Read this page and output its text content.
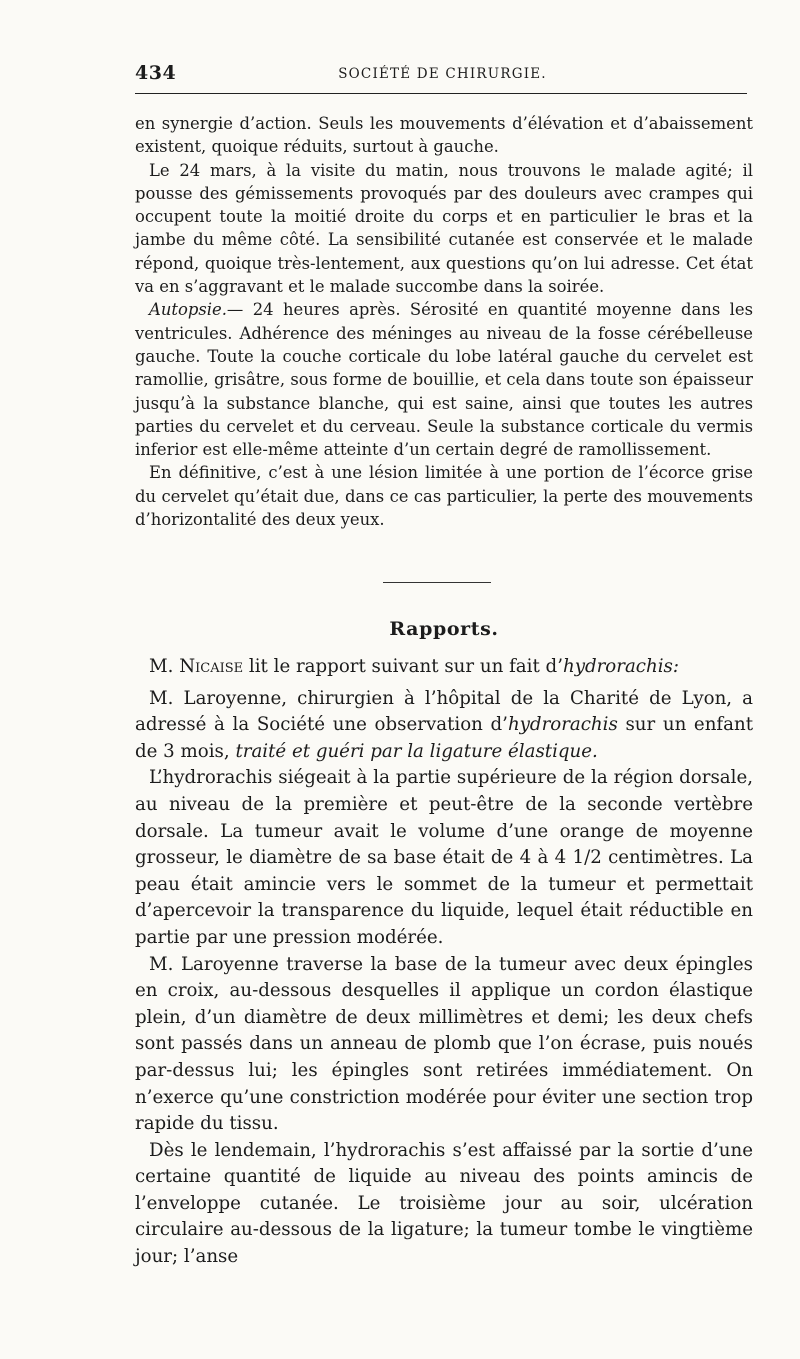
434	SOCIÉTÉ DE CHIRURGIE.

en synergie d’action. Seuls les mouvements d’élévation et d’abaissement existent, quoique réduits, surtout à gauche.

Le 24 mars, à la visite du matin, nous trouvons le malade agité; il pousse des gémissements provoqués par des douleurs avec crampes qui occupent toute la moitié droite du corps et en particulier le bras et la jambe du même côté. La sensibilité cutanée est conservée et le malade répond, quoique très-lentement, aux questions qu’on lui adresse. Cet état va en s’aggravant et le malade succombe dans la soirée.

Autopsie.— 24 heures après. Sérosité en quantité moyenne dans les ventricules. Adhérence des méninges au niveau de la fosse cérébelleuse gauche. Toute la couche corticale du lobe latéral gauche du cervelet est ramollie, grisâtre, sous forme de bouillie, et cela dans toute son épaisseur jusqu’à la substance blanche, qui est saine, ainsi que toutes les autres parties du cervelet et du cerveau. Seule la substance corticale du vermis inferior est elle-même atteinte d’un certain degré de ramollissement.

En définitive, c’est à une lésion limitée à une portion de l’écorce grise du cervelet qu’était due, dans ce cas particulier, la perte des mouvements d’horizontalité des deux yeux.

Rapports.

M. Nicaise lit le rapport suivant sur un fait d’hydrorachis:

M. Laroyenne, chirurgien à l’hôpital de la Charité de Lyon, a adressé à la Société une observation d’hydrorachis sur un enfant de 3 mois, traité et guéri par la ligature élastique.

L’hydrorachis siégeait à la partie supérieure de la région dorsale, au niveau de la première et peut-être de la seconde vertèbre dorsale. La tumeur avait le volume d’une orange de moyenne grosseur, le diamètre de sa base était de 4 à 4 1/2 centimètres. La peau était amincie vers le sommet de la tumeur et permettait d’apercevoir la transparence du liquide, lequel était réductible en partie par une pression modérée.

M. Laroyenne traverse la base de la tumeur avec deux épingles en croix, au-dessous desquelles il applique un cordon élastique plein, d’un diamètre de deux millimètres et demi; les deux chefs sont passés dans un anneau de plomb que l’on écrase, puis noués par-dessus lui; les épingles sont retirées immédiatement. On n’exerce qu’une constriction modérée pour éviter une section trop rapide du tissu.

Dès le lendemain, l’hydrorachis s’est affaissé par la sortie d’une certaine quantité de liquide au niveau des points amincis de l’enveloppe cutanée. Le troisième jour au soir, ulcération circulaire au-dessous de la ligature; la tumeur tombe le vingtième jour; l’anse
